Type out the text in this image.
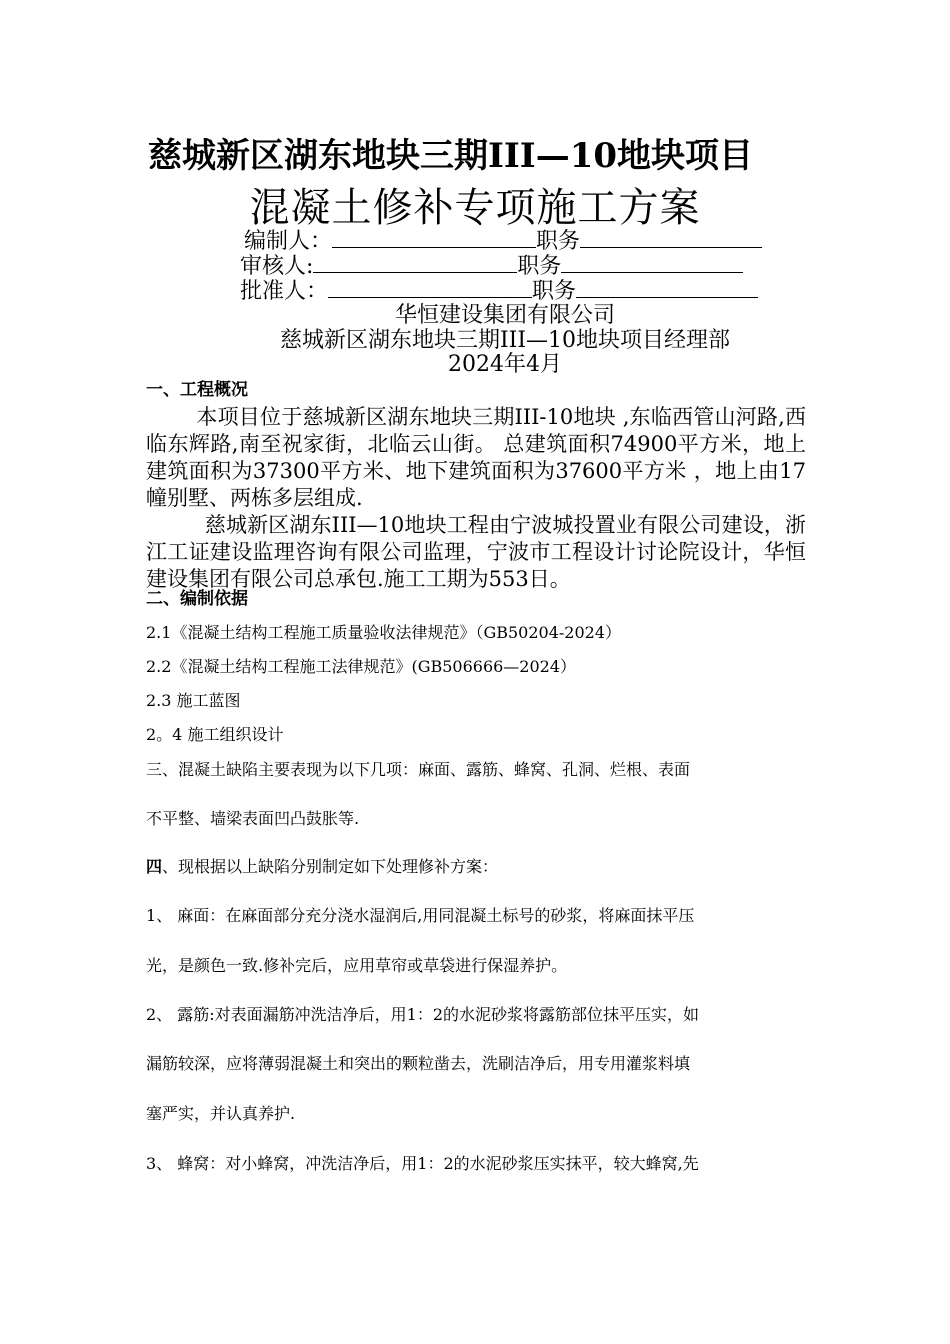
慈城新区湖东地块三期III—10地块项目
混凝土修补专项施工方案
编制人：	职务
审核人:	职务
批准人：	职务
华恒建设集团有限公司
慈城新区湖东地块三期III—10地块项目经理部
2024年4月
一、工程概况

本项目位于慈城新区湖东地块三期III-10地块 ,东临西管山河路,西临东辉路,南至祝家街，北临云山街。 总建筑面积74900平方米，地上建筑面积为37300平方米、地下建筑面积为37600平方米 ，地上由17幢别墅、两栋多层组成.

慈城新区湖东III—10地块工程由宁波城投置业有限公司建设，浙江工证建设监理咨询有限公司监理，宁波市工程设计讨论院设计，华恒建设集团有限公司总承包.施工工期为553日。

二、编制依据
2.1《混凝土结构工程施工质量验收法律规范》（GB50204-2024）
2.2《混凝土结构工程施工法律规范》(GB506666—2024）
2.3 施工蓝图
2。4 施工组织设计
三、混凝土缺陷主要表现为以下几项：麻面、露筋、蜂窝、孔洞、烂根、表面
不平整、墙梁表面凹凸鼓胀等.
四、现根据以上缺陷分别制定如下处理修补方案：
1、 麻面：在麻面部分充分浇水湿润后,用同混凝土标号的砂浆，将麻面抹平压
光，是颜色一致.修补完后，应用草帘或草袋进行保湿养护。
2、 露筋:对表面漏筋冲洗洁净后，用1：2的水泥砂浆将露筋部位抹平压实，如
漏筋较深，应将薄弱混凝土和突出的颗粒凿去，洗刷洁净后，用专用灌浆料填
塞严实，并认真养护.
3、 蜂窝：对小蜂窝，冲洗洁净后，用1：2的水泥砂浆压实抹平，较大蜂窝,先
